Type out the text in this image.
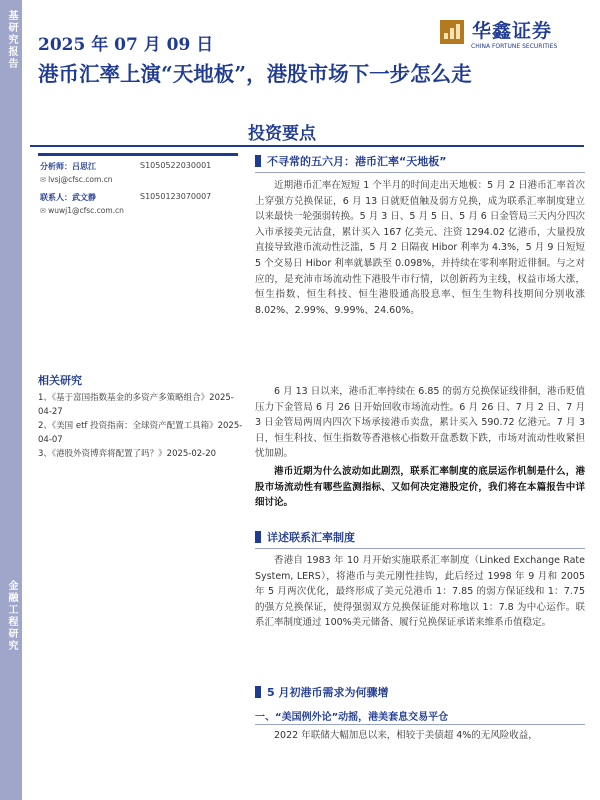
基研究报告
金融工程研究
2025 年 07 月 09 日
华鑫证券
CHINA FORTUNE SECURITIES
港币汇率上演“天地板”，港股市场下一步怎么走
投资要点
分析师：吕思江	S1050522030001
✉ lvsj@cfsc.com.cn
联系人：武文静	S1050123070007
✉ wuwj1@cfsc.com.cn
相关研究
1、《基于富国指数基金的多资产多策略组合》2025-04-27
2、《美国 etf 投资指南：全球资产配置工具箱》2025-04-07
3、《港股外资博弈将配置了吗？》2025-02-20
不寻常的五六月：港币汇率“天地板”
近期港币汇率在短短 1 个半月的时间走出天地板：5 月 2 日港币汇率首次上穿强方兑换保证，6 月 13 日就贬值触及弱方兑换，成为联系汇率制度建立以来最快一轮强弱转换。5 月 3 日、5 月 5 日、5 月 6 日金管局三天内分四次入市承接美元沽盘，累计买入 167 亿美元、注资 1294.02 亿港币，大量投放直接导致港币流动性泛滥，5 月 2 日隔夜 Hibor 利率为 4.3%，5 月 9 日短短 5 个交易日 Hibor 利率就暴跌至 0.098%，并持续在零利率附近徘徊。与之对应的，是充沛市场流动性下港股牛市行情，以创新药为主线，权益市场大涨，恒生指数、恒生科技、恒生港股通高股息率、恒生生物科技期间分别收涨 8.02%、2.99%、9.99%、24.60%。
6 月 13 日以来，港币汇率持续在 6.85 的弱方兑换保证线徘徊，港币贬值压力下金管局 6 月 26 日开始回收市场流动性。6 月 26 日、7 月 2 日、7 月 3 日金管局两周内四次下场承接港币卖盘，累计买入 590.72 亿港元。7 月 3 日，恒生科技、恒生指数等香港核心指数开盘悉数下跌，市场对流动性收紧担忧加剧。
港币近期为什么波动如此剧烈，联系汇率制度的底层运作机制是什么，港股市场流动性有哪些监测指标、又如何决定港股定价，我们将在本篇报告中详细讨论。
详述联系汇率制度
香港自 1983 年 10 月开始实施联系汇率制度（Linked Exchange Rate System, LERS），将港币与美元刚性挂钩，此后经过 1998 年 9 月和 2005 年 5 月两次优化，最终形成了美元兑港币 1：7.85 的弱方保证线和 1：7.75 的强方兑换保证，使得强弱双方兑换保证能对称地以 1：7.8 为中心运作。联系汇率制度通过 100%美元储备、履行兑换保证承诺来维系币值稳定。
5 月初港币需求为何骤增
一、“美国例外论”动摇，港美套息交易平仓
2022 年联储大幅加息以来，相较于美债超 4%的无风险收益，
